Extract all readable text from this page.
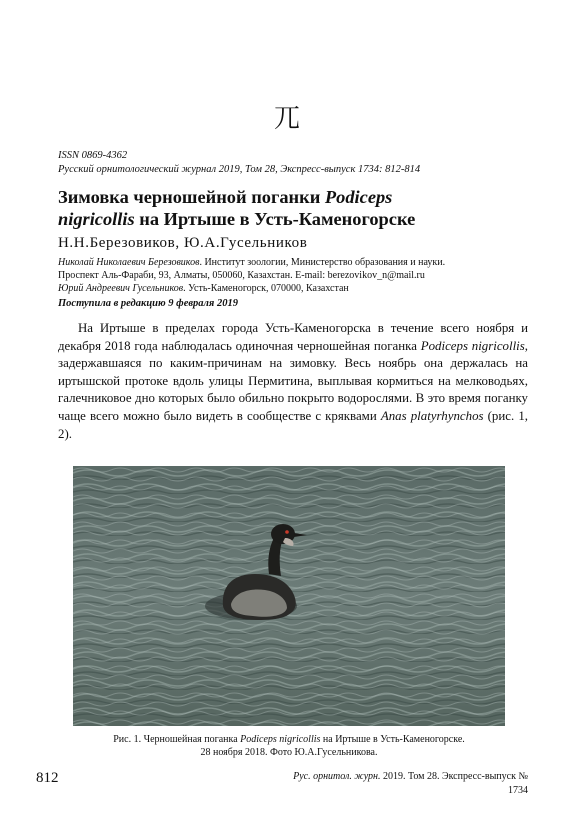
⺎
ISSN 0869-4362
Русский орнитологический журнал 2019, Том 28, Экспресс-выпуск 1734: 812-814
Зимовка черношейной поганки Podiceps
nigricollis на Иртыше в Усть-Каменогорске
Н.Н.Березовиков, Ю.А.Гусельников
Николай Николаевич Березовиков. Институт зоологии, Министерство образования и науки.
Проспект Аль-Фараби, 93, Алматы, 050060, Казахстан. E-mail: berezovikov_n@mail.ru
Юрий Андреевич Гусельников. Усть-Каменогорск, 070000, Казахстан
Поступила в редакцию 9 февраля 2019

На Иртыше в пределах города Усть-Каменогорска в течение всего ноября и декабря 2018 года наблюдалась одиночная черношейная поганка Podiceps nigricollis, задержавшаяся по каким-причинам на зимовку. Весь ноябрь она держалась на иртышской протоке вдоль улицы Пермитина, выплывая кормиться на мелководьях, галечниковое дно которых было обильно покрыто водорослями. В это время поганку чаще всего можно было видеть в сообществе с кряквами Anas platyrhynchos (рис. 1, 2).

Рис. 1. Черношейная поганка Podiceps nigricollis на Иртыше в Усть-Каменогорске.
28 ноября 2018. Фото Ю.А.Гусельникова.
812	Рус. орнитол. журн. 2019. Том 28. Экспресс-выпуск № 1734
